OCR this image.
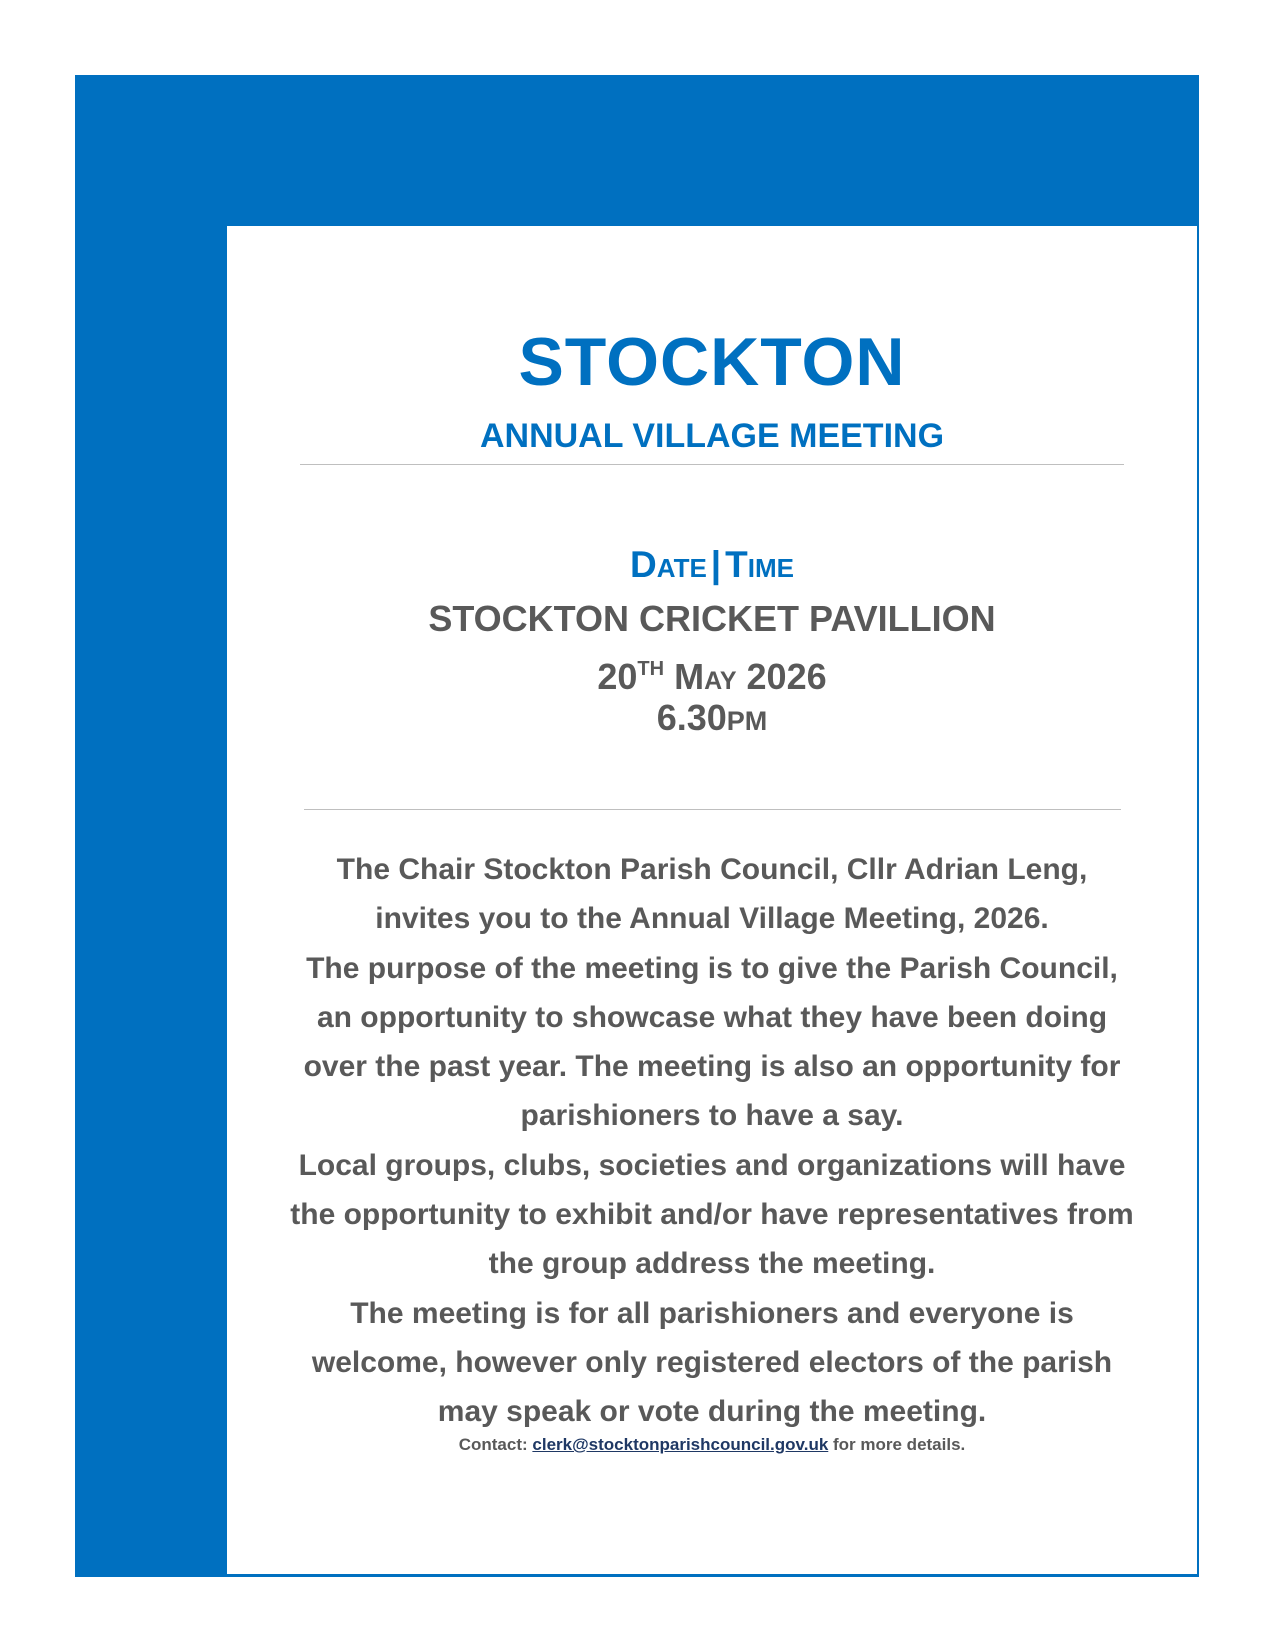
STOCKTON
ANNUAL VILLAGE MEETING
Date | Time
STOCKTON CRICKET PAVILLION
20TH May 2026
6.30PM

The Chair Stockton Parish Council, Cllr Adrian Leng, invites you to the Annual Village Meeting, 2026.

The purpose of the meeting is to give the Parish Council, an opportunity to showcase what they have been doing over the past year. The meeting is also an opportunity for parishioners to have a say.

Local groups, clubs, societies and organizations will have the opportunity to exhibit and/or have representatives from the group address the meeting.

The meeting is for all parishioners and everyone is welcome, however only registered electors of the parish may speak or vote during the meeting.

Contact: clerk@stocktonparishcouncil.gov.uk for more details.
